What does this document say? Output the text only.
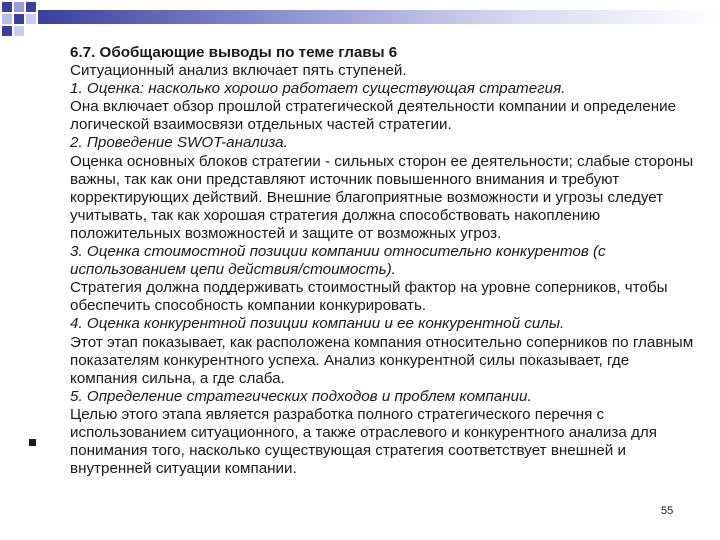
6.7. Обобщающие выводы по теме главы 6

Ситуационный анализ включает пять ступеней.

1. Оценка: насколько хорошо работает существующая стратегия.

Она включает обзор прошлой стратегической деятельности компании и определение логической взаимосвязи отдельных частей стратегии.

2. Проведение SWOT-анализа.

Оценка основных блоков стратегии - сильных сторон ее деятельности; слабые стороны важны, так как они представляют источник повышенного внимания и требуют корректирующих действий. Внешние благоприятные возможности и угрозы следует учитывать, так как хорошая стратегия должна способствовать накоплению положительных возможностей и защите от возможных угроз.

3. Оценка стоимостной позиции компании относительно конкурентов (с использованием цепи действия/стоимость).

Стратегия должна поддерживать стоимостный фактор на уровне соперников, чтобы обеспечить способность компании конкурировать.

4. Оценка конкурентной позиции компании и ее конкурентной силы.

Этот этап показывает, как расположена компания относительно соперников по главным показателям конкурентного успеха. Анализ конкурентной силы показывает, где компания сильна, а где слаба.

5. Определение стратегических подходов и проблем компании.

Целью этого этапа является разработка полного стратегического перечня с использованием ситуационного, а также отраслевого и конкурентного анализа для понимания того, насколько существующая стратегия соответствует внешней и внутренней ситуации компании.

55
